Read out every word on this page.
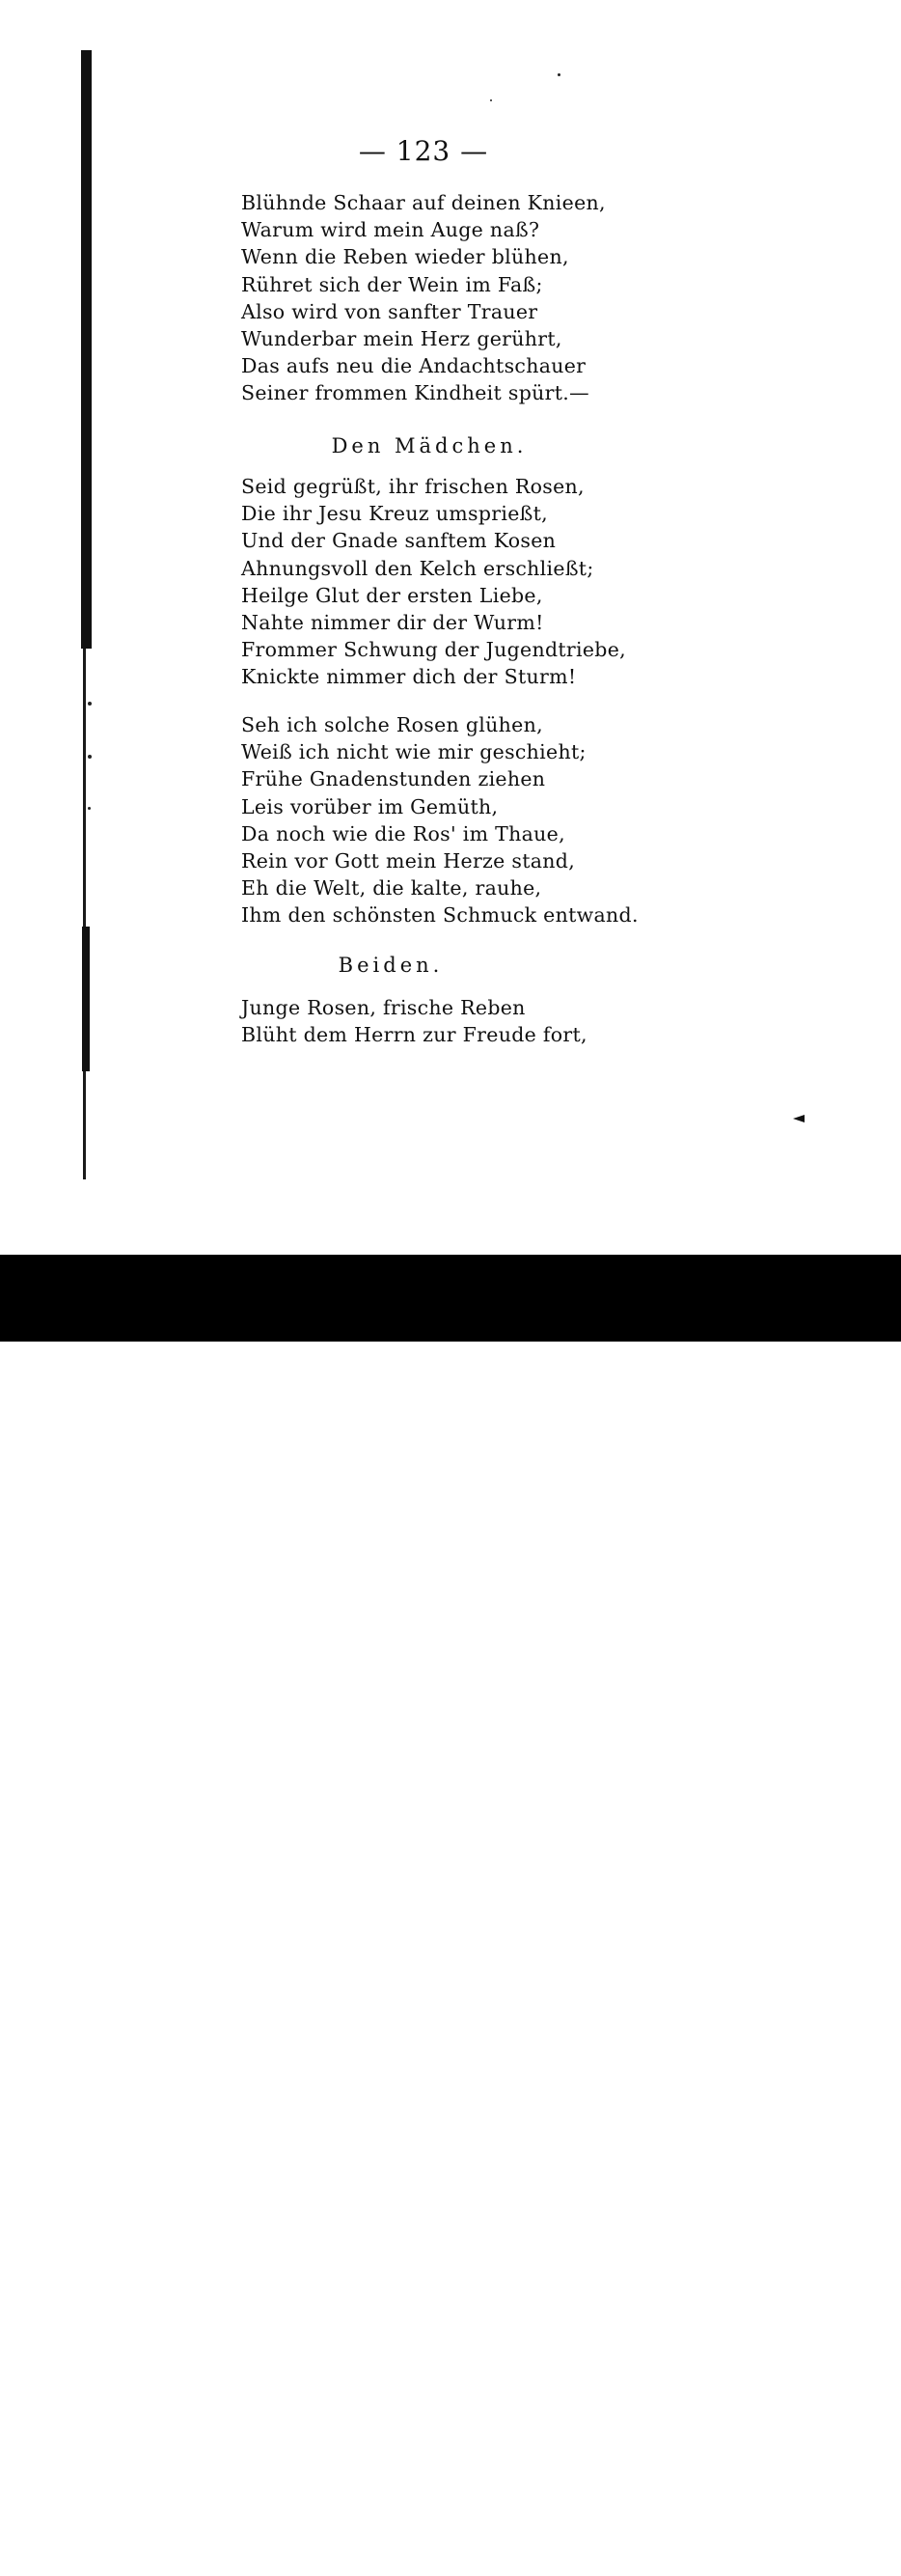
— 123 —
Blühnde Schaar auf deinen Knieen,
Warum wird mein Auge naß?
Wenn die Reben wieder blühen,
Rühret sich der Wein im Faß;
Also wird von sanfter Trauer
Wunderbar mein Herz gerührt,
Das aufs neu die Andachtschauer
Seiner frommen Kindheit spürt.—
Den Mädchen.
Seid gegrüßt, ihr frischen Rosen,
Die ihr Jesu Kreuz umsprießt,
Und der Gnade sanftem Kosen
Ahnungsvoll den Kelch erschließt;
Heilge Glut der ersten Liebe,
Nahte nimmer dir der Wurm!
Frommer Schwung der Jugendtriebe,
Knickte nimmer dich der Sturm!
Seh ich solche Rosen glühen,
Weiß ich nicht wie mir geschieht;
Frühe Gnadenstunden ziehen
Leis vorüber im Gemüth,
Da noch wie die Ros' im Thaue,
Rein vor Gott mein Herze stand,
Eh die Welt, die kalte, rauhe,
Ihm den schönsten Schmuck entwand.
Beiden.
Junge Rosen, frische Reben
Blüht dem Herrn zur Freude fort,
alamy	Image ID: KYCTKN
www.alamy.com
